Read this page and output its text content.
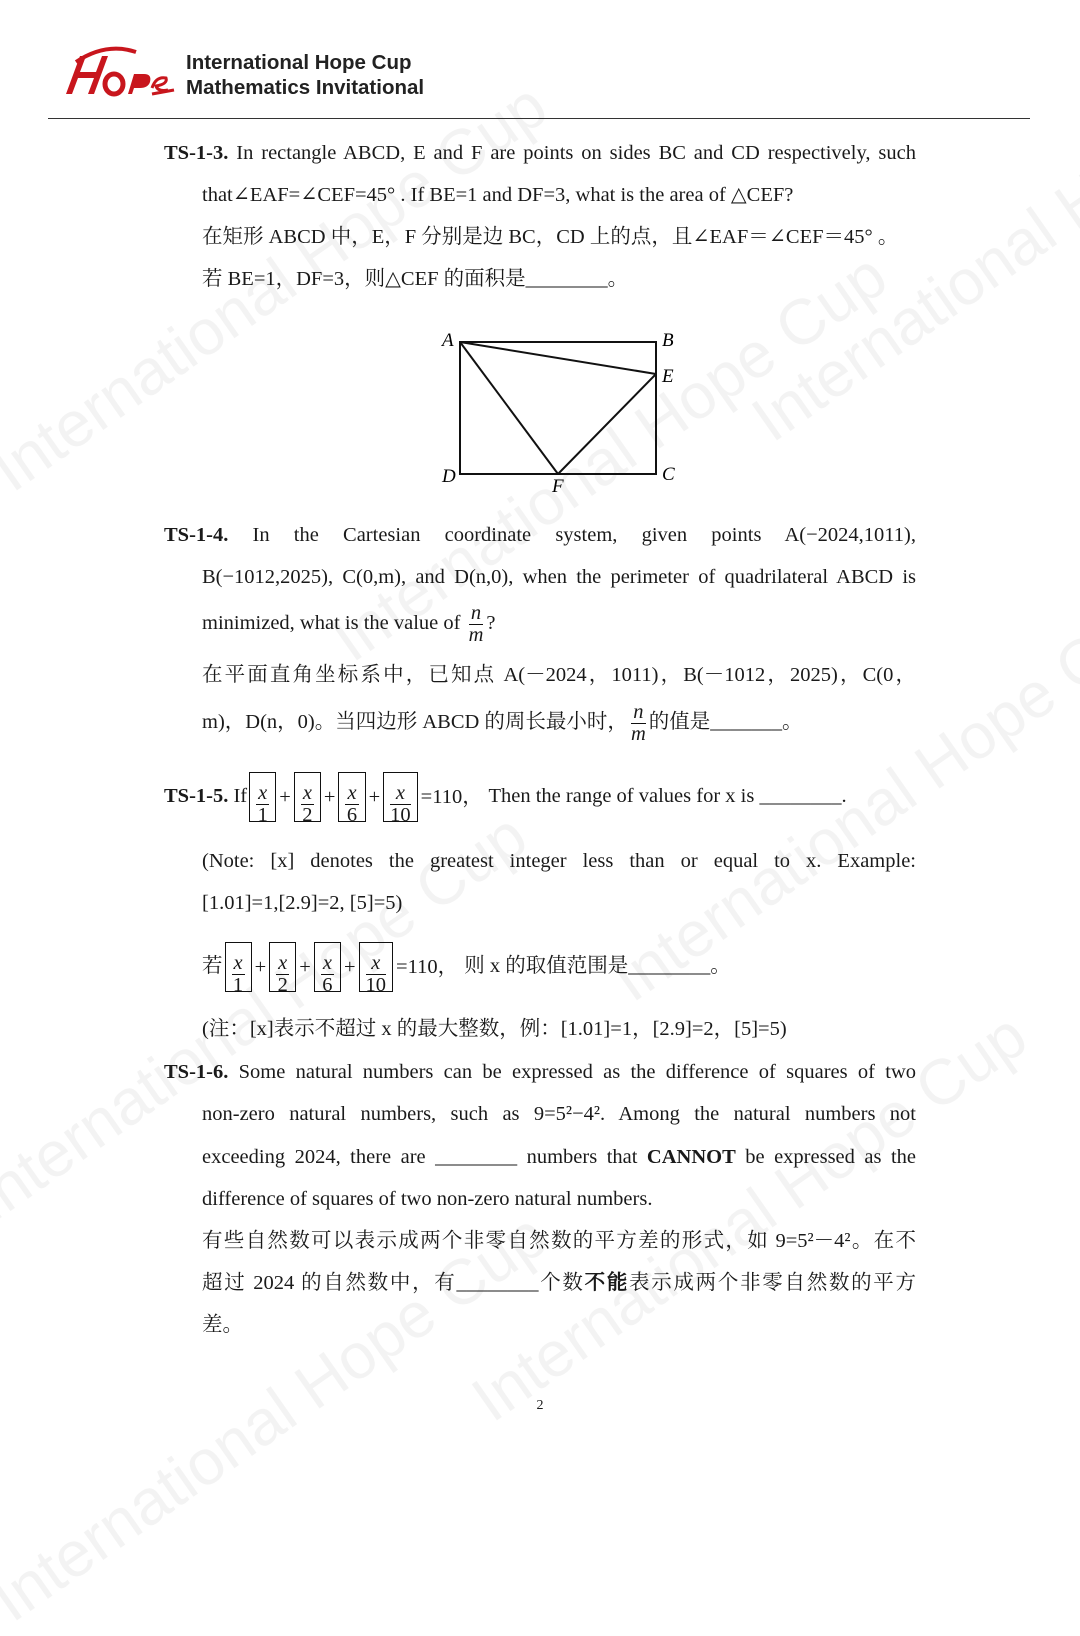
International Hope Cup
Mathematics Invitational
TS-1-3. In rectangle ABCD, E and F are points on sides BC and CD respectively, such
that∠EAF=∠CEF=45° . If BE=1 and DF=3, what is the area of △CEF?
在矩形 ABCD 中，E，F 分别是边 BC，CD 上的点，且∠EAF＝∠CEF＝45° 。
若 BE=1，DF=3，则△CEF 的面积是________。
A	B
E
D	C
F
TS-1-4. In the Cartesian coordinate system, given points A(−2024,1011),
B(−1012,2025), C(0,m), and D(n,0), when the perimeter of quadrilateral ABCD is
minimized, what is the value of $\frac{n}{m}$ ?
在平面直角坐标系中，已知点 A(－2024，1011)，B(－1012，2025)，C(0，
m)，D(n，0)。当四边形 ABCD 的周长最小时， $\frac{n}{m}$ 的值是_______。
TS-1-5. If $\frac{x}{1} + \frac{x}{2} + \frac{x}{6} + \frac{x}{10} =110$， Then the range of values for x is ________.
(Note: [x] denotes the greatest integer less than or equal to x. Example:
[1.01]=1,[2.9]=2, [5]=5)
若 $\frac{x}{1} + \frac{x}{2} + \frac{x}{6} + \frac{x}{10} =110$， 则 x 的取值范围是________。
(注：[x]表示不超过 x 的最大整数，例：[1.01]=1，[2.9]=2，[5]=5)
TS-1-6. Some natural numbers can be expressed as the difference of squares of two
non-zero natural numbers, such as 9=5²−4². Among the natural numbers not
exceeding 2024, there are ________ numbers that CANNOT be expressed as the
difference of squares of two non-zero natural numbers.
有些自然数可以表示成两个非零自然数的平方差的形式，如 9=5²－4²。在不
超过 2024 的自然数中，有________个数不能表示成两个非零自然数的平方
差。
2
